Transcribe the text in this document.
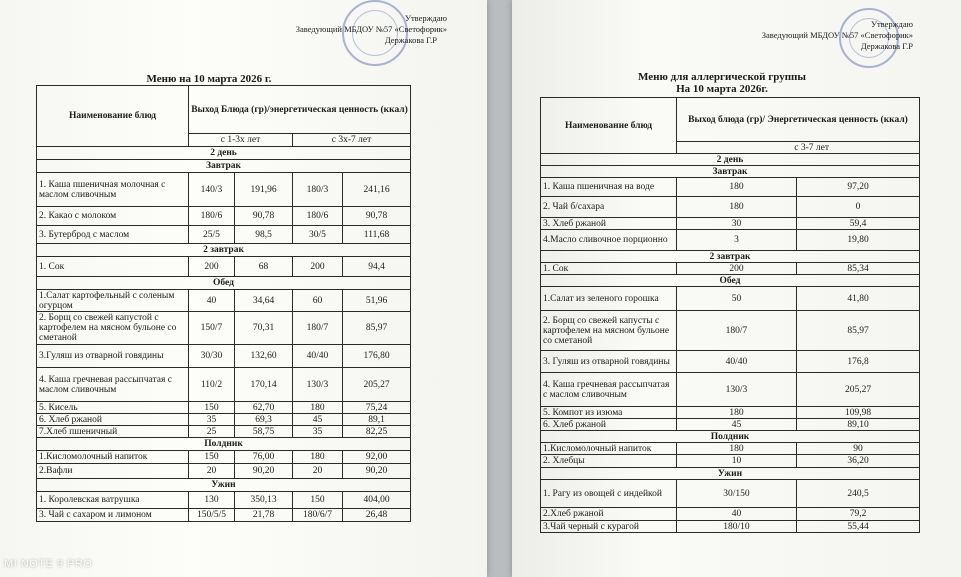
Утверждаю
Заведующий МБДОУ №57 «Светофорик»
Держакова Г.Р
Меню на 10 марта 2026 г.
Наименование блюд	Выход Блюда (гр)/энергетическая ценность (ккал)			
	с 1-3х лет		с 3х-7 лет	
2 день				
Завтрак				
1. Каша пшеничная молочная с маслом сливочным	140/3	191,96	180/3	241,16
2. Какао с молоком	180/6	90,78	180/6	90,78
3. Бутерброд с маслом	25/5	98,5	30/5	111,68
2 завтрак				
1. Сок	200	68	200	94,4
Обед				
1.Салат картофельный с соленым огурцом	40	34,64	60	51,96
2. Борщ со свежей капустой с картофелем на мясном бульоне со сметаной	150/7	70,31	180/7	85,97
3.Гуляш из отварной говядины	30/30	132,60	40/40	176,80
4. Каша гречневая рассыпчатая с маслом сливочным	110/2	170,14	130/3	205,27
5. Кисель	150	62,70	180	75,24
6. Хлеб ржаной	35	69,3	45	89,1
7.Хлеб пшеничный	25	58,75	35	82,25
Полдник				
1.Кисломолочный напиток	150	76,00	180	92,00
2.Вафли	20	90,20	20	90,20
Ужин				
1. Королевская ватрушка	130	350,13	150	404,00
3. Чай с сахаром и лимоном	150/5/5	21,78	180/6/7	26,48
Утверждаю
Заведующий МБДОУ №57 «Светофорик»
Держакова Г.Р
Меню для аллергической группы
На 10 марта 2026г.
Наименование блюд	Выход блюда (гр)/ Энергетическая ценность (ккал)	
	с 3-7 лет	
2 день		
Завтрак		
1. Каша пшеничная на воде	180	97,20
2. Чай б/сахара	180	0
3. Хлеб ржаной	30	59,4
4.Масло сливочное порционно	3	19,80
2 завтрак		
1. Сок	200	85,34
Обед		
1.Салат из зеленого горошка	50	41,80
2. Борщ со свежей капусты с картофелем на мясном бульоне со сметаной	180/7	85,97
3. Гуляш из отварной говядины	40/40	176,8
4. Каша гречневая рассыпчатая с маслом сливочным	130/3	205,27
5. Компот из изюма	180	109,98
6. Хлеб ржаной	45	89,10
Полдник		
1.Кисломолочный напиток	180	90
2. Хлебцы	10	36,20
Ужин		
1. Рагу из овощей с индейкой	30/150	240,5
2.Хлеб ржаной	40	79,2
3.Чай черный с курагой	180/10	55,44
MI NOTE 9 PRO
